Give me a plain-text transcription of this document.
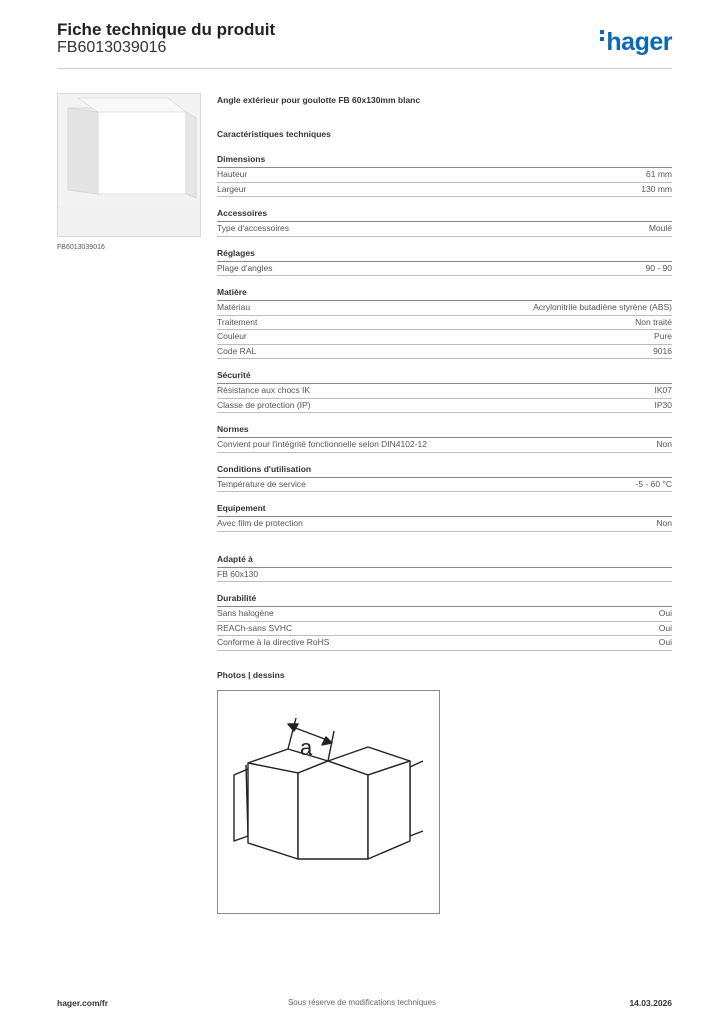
Fiche technique du produit
FB6013039016	hager
FB6013039016
Angle extérieur pour goulotte FB 60x130mm blanc
Caractéristiques techniques
Dimensions
Hauteur	61 mm
Largeur	130 mm
Accessoires
Type d'accessoires	Moulé
Réglages
Plage d'angles	90 - 90
Matière
Matériau	Acrylonitrile butadiène styrène (ABS)
Traitement	Non traité
Couleur	Pure
Code RAL	9016
Sécurité
Résistance aux chocs IK	IK07
Classe de protection (IP)	IP30
Normes
Convient pour l'intégrité fonctionnelle selon DIN4102-12	Non
Conditions d'utilisation
Température de service	-5 - 60 °C
Equipement
Avec film de protection	Non
Adapté à
FB 60x130
Durabilité
Sans halogène	Oui
REACh-sans SVHC	Oui
Conforme à la directive RoHS	Oui
Photos | dessins
a
hager.com/fr	Sous réserve de modifications techniques	14.03.2026
